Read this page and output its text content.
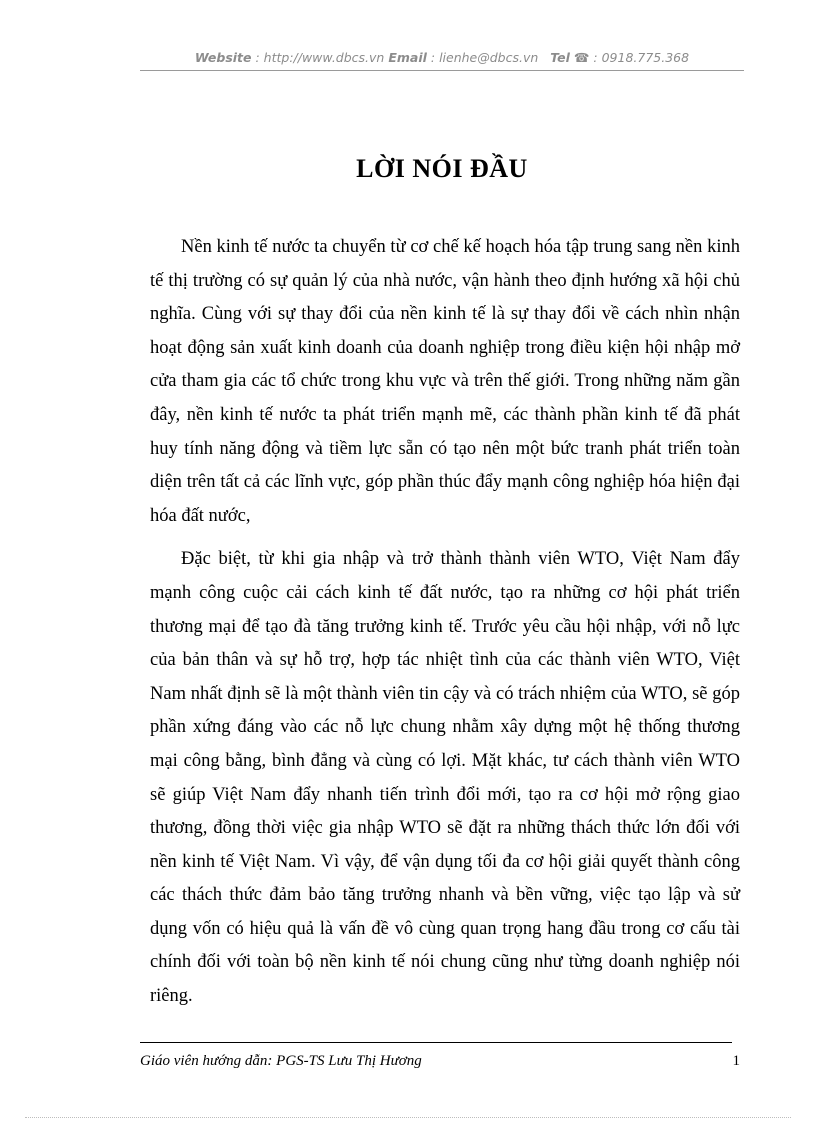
Website : http://www.dbcs.vn Email : lienhe@dbcs.vn Tel ☎ : 0918.775.368
LỜI NÓI ĐẦU

Nền kinh tế nước ta chuyển từ cơ chế kế hoạch hóa tập trung sang nền kinh tế thị trường có sự quản lý của nhà nước, vận hành theo định hướng xã hội chủ nghĩa. Cùng với sự thay đổi của nền kinh tế là sự thay đổi về cách nhìn nhận hoạt động sản xuất kinh doanh của doanh nghiệp trong điều kiện hội nhập mở cửa tham gia các tổ chức trong khu vực và trên thế giới. Trong những năm gần đây, nền kinh tế nước ta phát triển mạnh mẽ, các thành phần kinh tế đã phát huy tính năng động và tiềm lực sẵn có tạo nên một bức tranh phát triển toàn diện trên tất cả các lĩnh vực, góp phần thúc đẩy mạnh công nghiệp hóa hiện đại hóa đất nước,

Đặc biệt, từ khi gia nhập và trở thành thành viên WTO, Việt Nam đẩy mạnh công cuộc cải cách kinh tế đất nước, tạo ra những cơ hội phát triển thương mại để tạo đà tăng trưởng kinh tế. Trước yêu cầu hội nhập, với nỗ lực của bản thân và sự hỗ trợ, hợp tác nhiệt tình của các thành viên WTO, Việt Nam nhất định sẽ là một thành viên tin cậy và có trách nhiệm của WTO, sẽ góp phần xứng đáng vào các nỗ lực chung nhằm xây dựng một hệ thống thương mại công bằng, bình đẳng và cùng có lợi. Mặt khác, tư cách thành viên WTO sẽ giúp Việt Nam đẩy nhanh tiến trình đổi mới, tạo ra cơ hội mở rộng giao thương, đồng thời việc gia nhập WTO sẽ đặt ra những thách thức lớn đối với nền kinh tế Việt Nam. Vì vậy, để vận dụng tối đa cơ hội giải quyết thành công các thách thức đảm bảo tăng trưởng nhanh và bền vững, việc tạo lập và sử dụng vốn có hiệu quả là vấn đề vô cùng quan trọng hang đầu trong cơ cấu tài chính đối với toàn bộ nền kinh tế nói chung cũng như từng doanh nghiệp nói riêng.

Giáo viên hướng dẫn: PGS-TS Lưu Thị Hương	1
